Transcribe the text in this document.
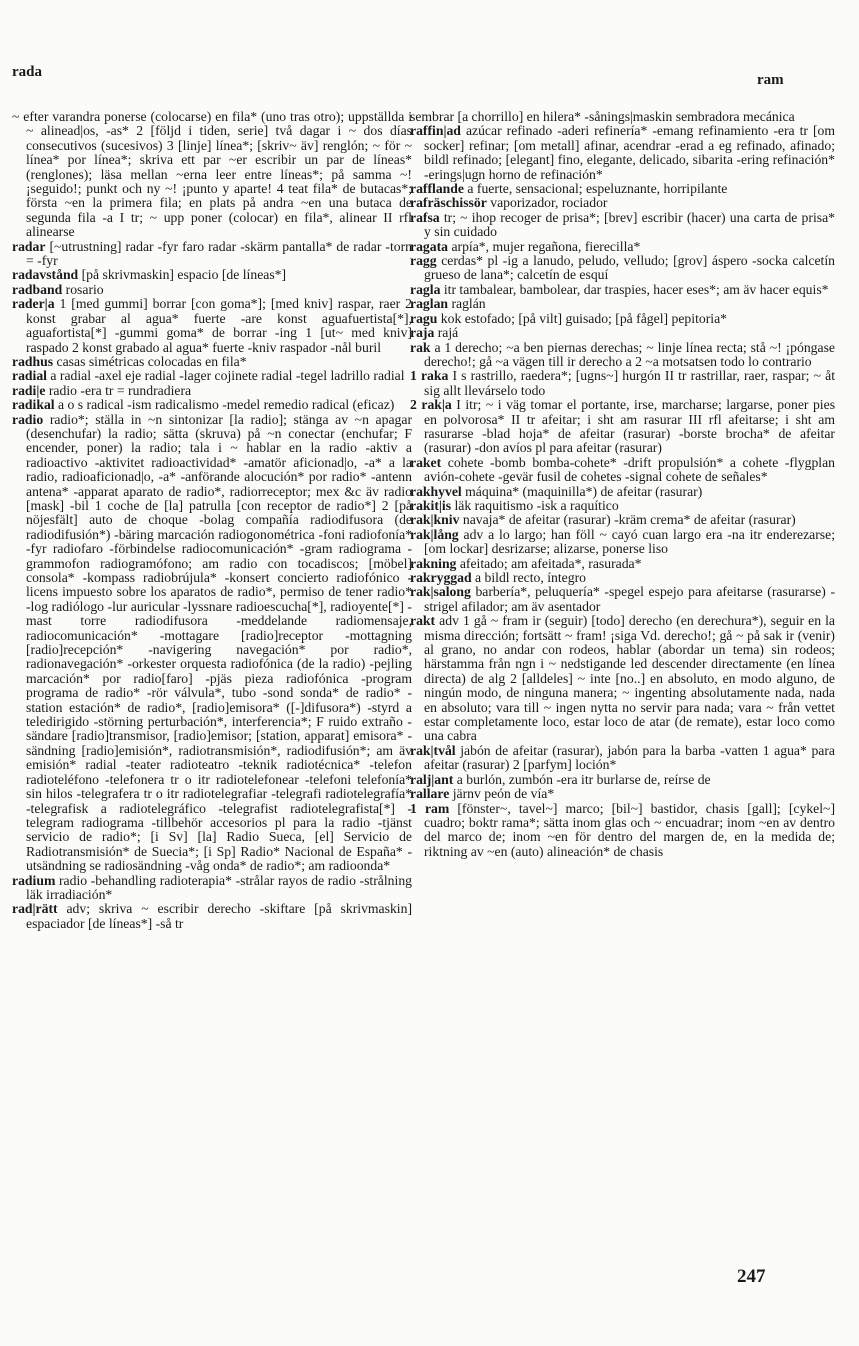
rada	ram

~ efter varandra ponerse (colocarse) en fila* (uno tras otro); uppställda i ~ alinead|os, -as* 2 [följd i tiden, serie] två dagar i ~ dos días consecutivos (sucesivos) 3 [linje] línea*; [skriv~ äv] renglón; ~ för ~ línea* por línea*; skriva ett par ~er escribir un par de líneas* (renglones); läsa mellan ~erna leer entre líneas*; på samma ~! ¡seguido!; punkt och ny ~! ¡punto y aparte! 4 teat fila* de butacas*; första ~en la primera fila; en plats på andra ~en una butaca de segunda fila -a I tr; ~ upp poner (colocar) en fila*, alinear II rfl alinearse

radar [~utrustning] radar -fyr faro radar -skärm pantalla* de radar -torn = -fyr

radavstånd [på skrivmaskin] espacio [de líneas*]

radband rosario

rader|a 1 [med gummi] borrar [con goma*]; [med kniv] raspar, raer 2 konst grabar al agua* fuerte -are konst aguafuertista[*], aguafortista[*] -gummi goma* de borrar -ing 1 [ut~ med kniv] raspado 2 konst grabado al agua* fuerte -kniv raspador -nål buril

radhus casas simétricas colocadas en fila*

radial a radial -axel eje radial -lager cojinete radial -tegel ladrillo radial

radi|e radio -era tr = rundradiera

radikal a o s radical -ism radicalismo -medel remedio radical (eficaz)

radio radio*; ställa in ~n sintonizar [la radio]; stänga av ~n apagar (desenchufar) la radio; sätta (skruva) på ~n conectar (enchufar; F encender, poner) la radio; tala i ~ hablar en la radio -aktiv a radioactivo -aktivitet radioactividad* -amatör aficionad|o, -a* a la radio, radioaficionad|o, -a* -anförande alocución* por radio* -antenn antena* -apparat aparato de radio*, radiorreceptor; mex &c äv radio [mask] -bil 1 coche de [la] patrulla [con receptor de radio*] 2 [på nöjesfält] auto de choque -bolag compañía radiodifusora (de radiodifusión*) -bäring marcación radiogonométrica -foni radiofonía* -fyr radiofaro -förbindelse radiocomunicación* -gram radiograma -grammofon radiogramófono; am radio con tocadiscos; [möbel] consola* -kompass radiobrújula* -konsert concierto radiofónico -licens impuesto sobre los aparatos de radio*, permiso de tener radio* -log radiólogo -lur auricular -lyssnare radioescucha[*], radioyente[*] -mast torre radiodifusora -meddelande radiomensaje, radiocomunicación* -mottagare [radio]receptor -mottagning [radio]recepción* -navigering navegación* por radio*, radionavegación* -orkester orquesta radiofónica (de la radio) -pejling marcación* por radio[faro] -pjäs pieza radiofónica -program programa de radio* -rör válvula*, tubo -sond sonda* de radio* -station estación* de radio*, [radio]emisora* ([-]difusora*) -styrd a teledirigido -störning perturbación*, interferencia*; F ruido extraño -sändare [radio]transmisor, [radio]emisor; [station, apparat] emisora* -sändning [radio]emisión*, radiotransmisión*, radiodifusión*; am äv emisión* radial -teater radioteatro -teknik radiotécnica* -telefon radioteléfono -telefonera tr o itr radiotelefonear -telefoni telefonía* sin hilos -telegrafera tr o itr radiotelegrafiar -telegrafi radiotelegrafía* -telegrafisk a radiotelegráfico -telegrafist radiotelegrafista[*] -telegram radiograma -tillbehör accesorios pl para la radio -tjänst servicio de radio*; [i Sv] [la] Radio Sueca, [el] Servicio de Radiotransmisión* de Suecia*; [i Sp] Radio* Nacional de España* -utsändning se radiosändning -våg onda* de radio*; am radioonda*

radium radio -behandling radioterapia* -strålar rayos de radio -strålning läk irradiación*

rad|rätt adv; skriva ~ escribir derecho -skiftare [på skrivmaskin] espaciador [de líneas*] -så tr

sembrar [a chorrillo] en hilera* -sånings|maskin sembradora mecánica

raffin|ad azúcar refinado -aderi refinería* -emang refinamiento -era tr [om socker] refinar; [om metall] afinar, acendrar -erad a eg refinado, afinado; bildl refinado; [elegant] fino, elegante, delicado, sibarita -ering refinación* -erings|ugn horno de refinación*

rafflande a fuerte, sensacional; espeluznante, horripilante

rafräschissör vaporizador, rociador

rafsa tr; ~ ihop recoger de prisa*; [brev] escribir (hacer) una carta de prisa* y sin cuidado

ragata arpía*, mujer regañona, fierecilla*

ragg cerdas* pl -ig a lanudo, peludo, velludo; [grov] áspero -socka calcetín grueso de lana*; calcetín de esquí

ragla itr tambalear, bambolear, dar traspies, hacer eses*; am äv hacer equis*

raglan raglán

ragu kok estofado; [på vilt] guisado; [på fågel] pepitoria*

raja rajá

rak a 1 derecho; ~a ben piernas derechas; ~ linje línea recta; stå ~! ¡póngase derecho!; gå ~a vägen till ir derecho a 2 ~a motsatsen todo lo contrario

1 raka I s rastrillo, raedera*; [ugns~] hurgón II tr rastrillar, raer, raspar; ~ åt sig allt llevárselo todo

2 rak|a I itr; ~ i väg tomar el portante, irse, marcharse; largarse, poner pies en polvorosa* II tr afeitar; i sht am rasurar III rfl afeitarse; i sht am rasurarse -blad hoja* de afeitar (rasurar) -borste brocha* de afeitar (rasurar) -don avíos pl para afeitar (rasurar)

raket cohete -bomb bomba-cohete* -drift propulsión* a cohete -flygplan avión-cohete -gevär fusil de cohetes -signal cohete de señales*

rakhyvel máquina* (maquinilla*) de afeitar (rasurar)

rakit|is läk raquitismo -isk a raquítico

rak|kniv navaja* de afeitar (rasurar) -kräm crema* de afeitar (rasurar)

rak|lång adv a lo largo; han föll ~ cayó cuan largo era -na itr enderezarse; [om lockar] desrizarse; alizarse, ponerse liso

rakning afeitado; am afeitada*, rasurada*

rakryggad a bildl recto, íntegro

rak|salong barbería*, peluquería* -spegel espejo para afeitarse (rasurarse) -strigel afilador; am äv asentador

rakt adv 1 gå ~ fram ir (seguir) [todo] derecho (en derechura*), seguir en la misma dirección; fortsätt ~ fram! ¡siga Vd. derecho!; gå ~ på sak ir (venir) al grano, no andar con rodeos, hablar (abordar un tema) sin rodeos; härstamma från ngn i ~ nedstigande led descender directamente (en línea directa) de alg 2 [alldeles] ~ inte [no..] en absoluto, en modo alguno, de ningún modo, de ninguna manera; ~ ingenting absolutamente nada, nada en absoluto; vara till ~ ingen nytta no servir para nada; vara ~ från vettet estar completamente loco, estar loco de atar (de remate), estar loco como una cabra

rak|tvål jabón de afeitar (rasurar), jabón para la barba -vatten 1 agua* para afeitar (rasurar) 2 [parfym] loción*

ralj|ant a burlón, zumbón -era itr burlarse de, reírse de

rallare järnv peón de vía*

1 ram [fönster~, tavel~] marco; [bil~] bastidor, chasis [gall]; [cykel~] cuadro; boktr rama*; sätta inom glas och ~ encuadrar; inom ~en av dentro del marco de; inom ~en för dentro del margen de, en la medida de; riktning av ~en (auto) alineación* de chasis

247
